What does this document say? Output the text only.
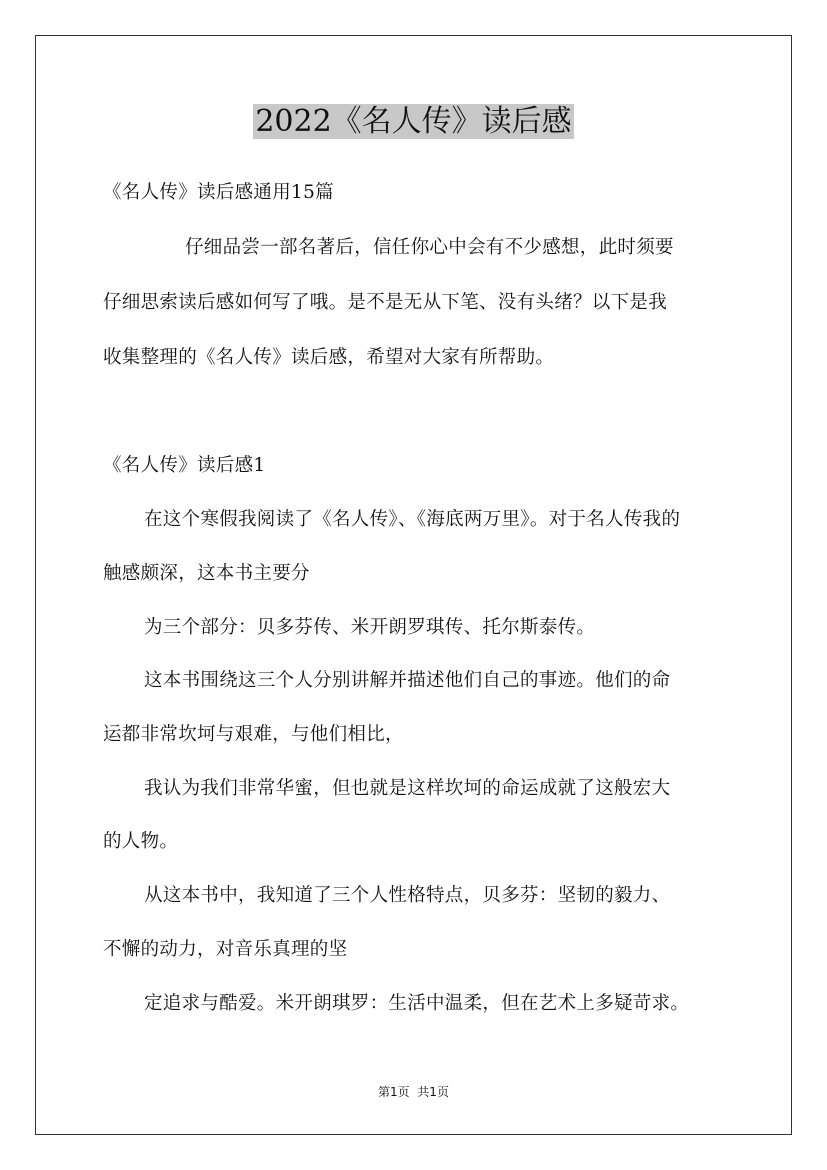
2022《名人传》读后感
《名人传》读后感通用15篇
仔细品尝一部名著后，信任你心中会有不少感想，此时须要
仔细思索读后感如何写了哦。是不是无从下笔、没有头绪？以下是我
收集整理的《名人传》读后感，希望对大家有所帮助。
《名人传》读后感1
在这个寒假我阅读了《名人传》、《海底两万里》。对于名人传我的
触感颇深，这本书主要分
为三个部分：贝多芬传、米开朗罗琪传、托尔斯泰传。
这本书围绕这三个人分别讲解并描述他们自己的事迹。他们的命
运都非常坎坷与艰难，与他们相比，
我认为我们非常华蜜，但也就是这样坎坷的命运成就了这般宏大
的人物。
从这本书中，我知道了三个人性格特点，贝多芬：坚韧的毅力、
不懈的动力，对音乐真理的坚
定追求与酷爱。米开朗琪罗：生活中温柔，但在艺术上多疑苛求。
第1页  共1页
